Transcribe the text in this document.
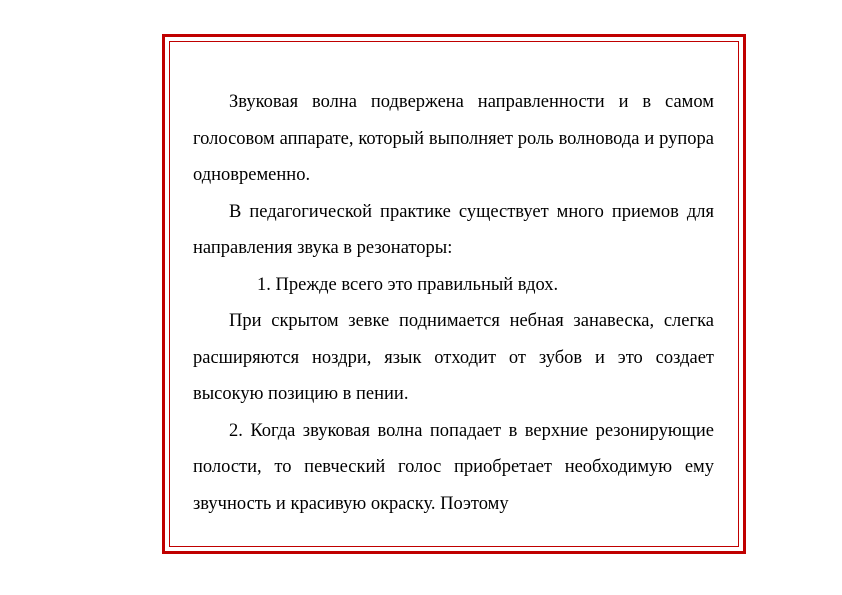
Звуковая волна подвержена направленности и в самом голосовом аппарате, который выполняет роль волновода и рупора одновременно.

В педагогической практике существует много приемов для направления звука в резонаторы:

1. Прежде всего это правильный вдох.

При скрытом зевке поднимается небная занавеска, слегка расширяются ноздри, язык отходит от зубов и это создает высокую позицию в пении.

2. Когда звуковая волна попадает в верхние резонирующие полости, то певческий голос приобретает необходимую ему звучность и красивую окраску. Поэтому
